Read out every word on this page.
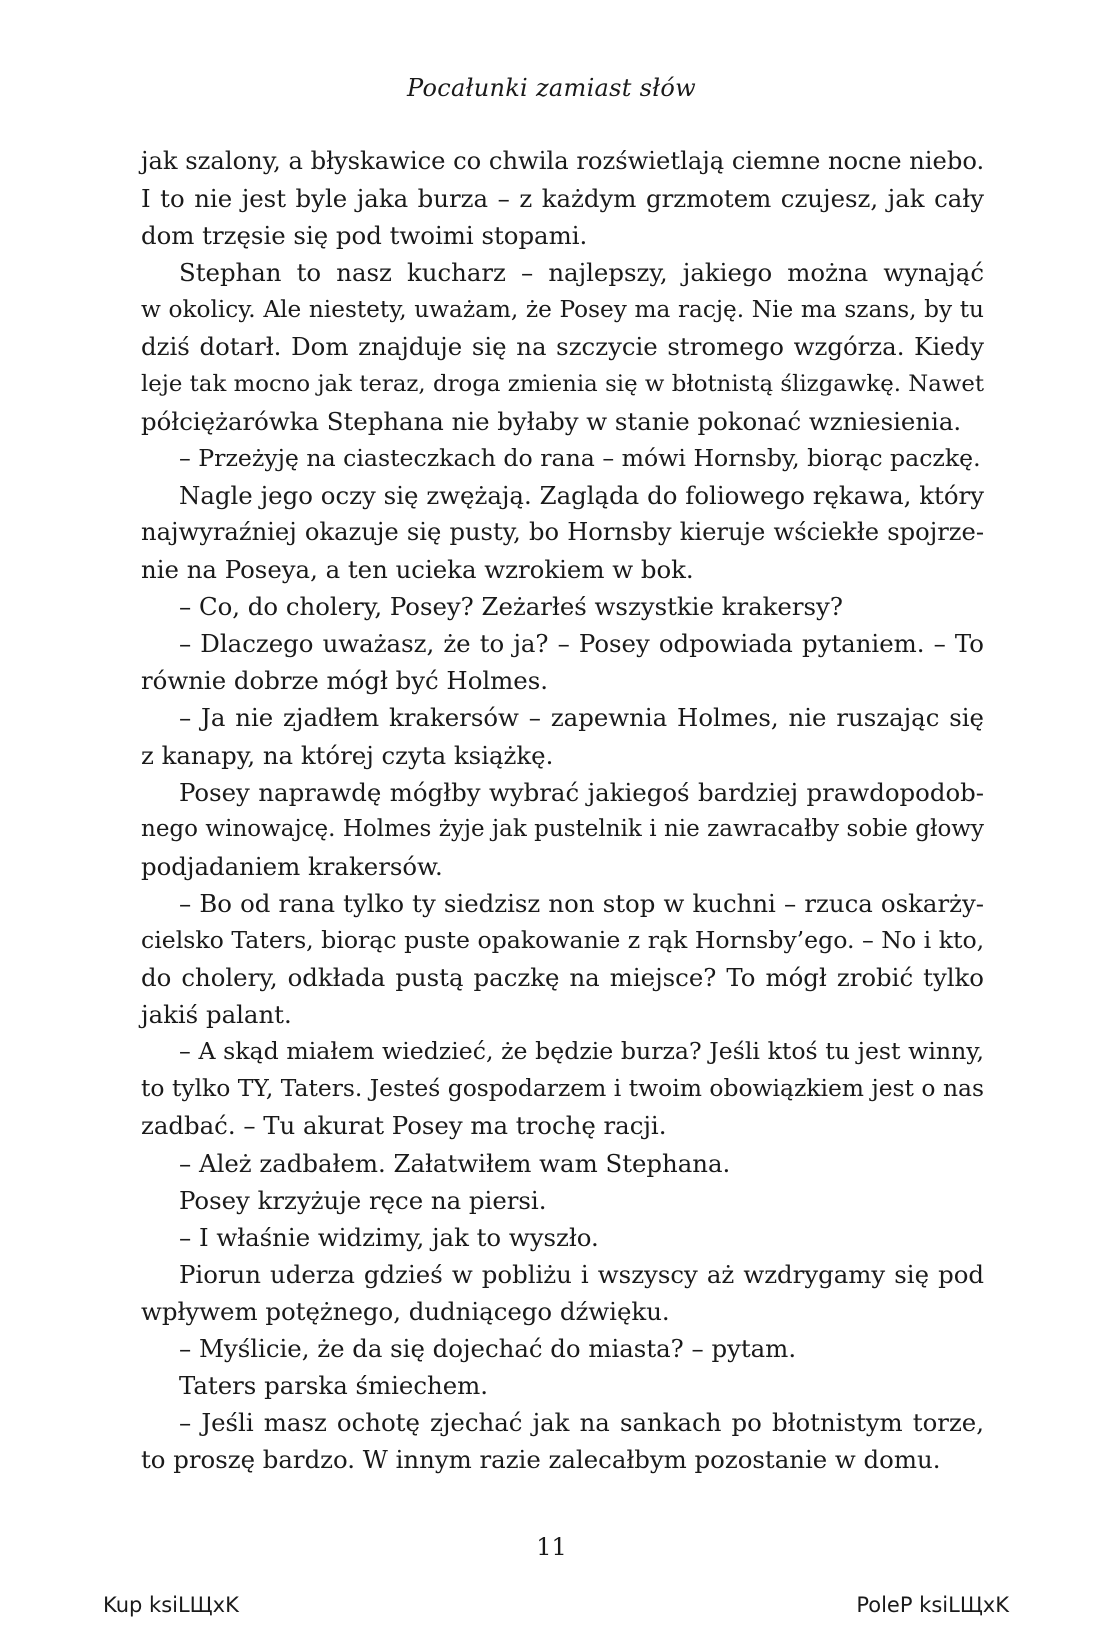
Pocałunki zamiast słów
jak szalony, a błyskawice co chwila rozświetlają ciemne nocne niebo.
I to nie jest byle jaka burza – z każdym grzmotem czujesz, jak cały
dom trzęsie się pod twoimi stopami.
Stephan to nasz kucharz – najlepszy, jakiego można wynająć
w okolicy. Ale niestety, uważam, że Posey ma rację. Nie ma szans, by tu
dziś dotarł. Dom znajduje się na szczycie stromego wzgórza. Kiedy
leje tak mocno jak teraz, droga zmienia się w błotnistą ślizgawkę. Nawet
półciężarówka Stephana nie byłaby w stanie pokonać wzniesienia.
– Przeżyję na ciasteczkach do rana – mówi Hornsby, biorąc paczkę.
Nagle jego oczy się zwężają. Zagląda do foliowego rękawa, który
najwyraźniej okazuje się pusty, bo Hornsby kieruje wściekłe spojrze-
nie na Poseya, a ten ucieka wzrokiem w bok.
– Co, do cholery, Posey? Zeżarłeś wszystkie krakersy?
– Dlaczego uważasz, że to ja? – Posey odpowiada pytaniem. – To
równie dobrze mógł być Holmes.
– Ja nie zjadłem krakersów – zapewnia Holmes, nie ruszając się
z kanapy, na której czyta książkę.
Posey naprawdę mógłby wybrać jakiegoś bardziej prawdopodob-
nego winowajcę. Holmes żyje jak pustelnik i nie zawracałby sobie głowy
podjadaniem krakersów.
– Bo od rana tylko ty siedzisz non stop w kuchni – rzuca oskarży-
cielsko Taters, biorąc puste opakowanie z rąk Hornsby’ego. – No i kto,
do cholery, odkłada pustą paczkę na miejsce? To mógł zrobić tylko
jakiś palant.
– A skąd miałem wiedzieć, że będzie burza? Jeśli ktoś tu jest winny,
to tylko TY, Taters. Jesteś gospodarzem i twoim obowiązkiem jest o nas
zadbać. – Tu akurat Posey ma trochę racji.
– Ależ zadbałem. Załatwiłem wam Stephana.
Posey krzyżuje ręce na piersi.
– I właśnie widzimy, jak to wyszło.
Piorun uderza gdzieś w pobliżu i wszyscy aż wzdrygamy się pod
wpływem potężnego, dudniącego dźwięku.
– Myślicie, że da się dojechać do miasta? – pytam.
Taters parska śmiechem.
– Jeśli masz ochotę zjechać jak na sankach po błotnistym torze,
to proszę bardzo. W innym razie zalecałbym pozostanie w domu.
11
Kup ksiLЩxK	PoleP ksiLЩxK
